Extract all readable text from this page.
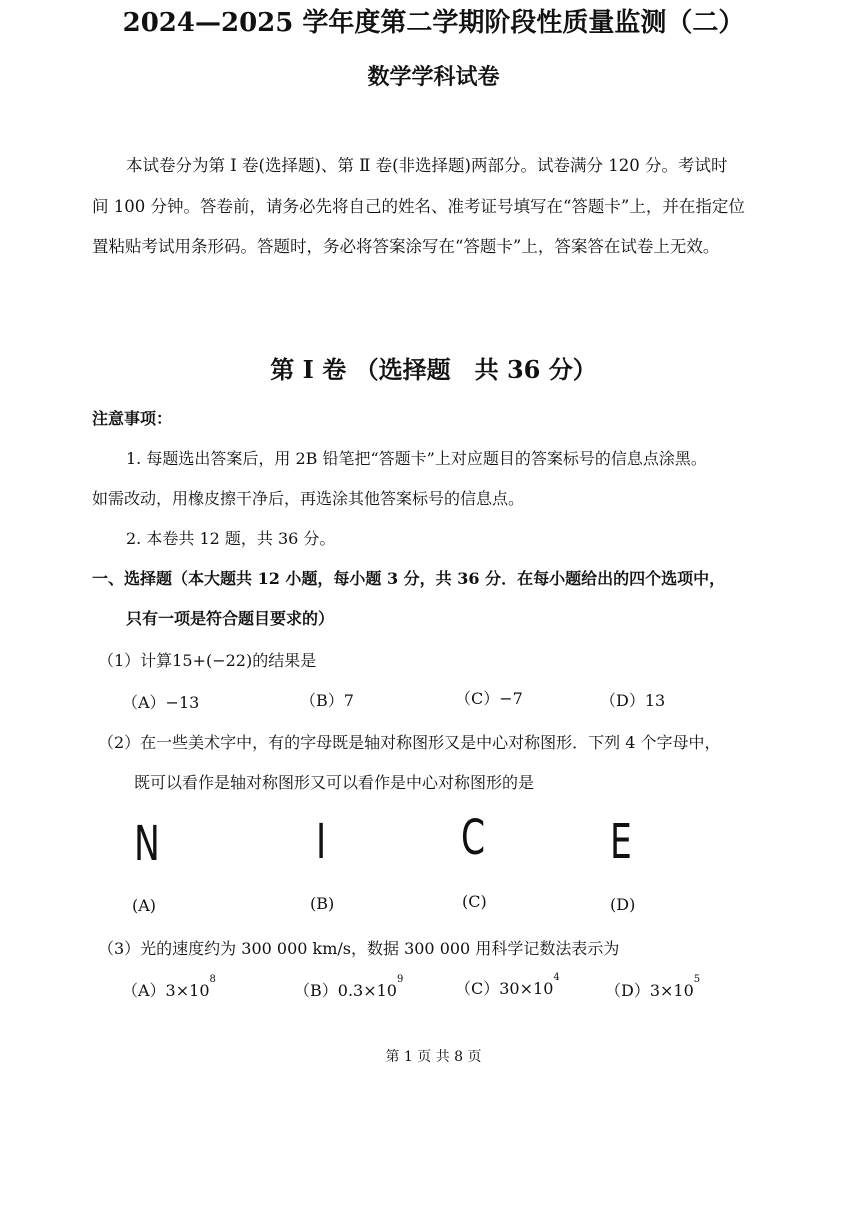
2024—2025 学年度第二学期阶段性质量监测（二）
数学学科试卷
本试卷分为第 Ⅰ 卷(选择题)、第 Ⅱ 卷(非选择题)两部分。试卷满分 120 分。考试时
间 100 分钟。答卷前，请务必先将自己的姓名、准考证号填写在“答题卡”上，并在指定位
置粘贴考试用条形码。答题时，务必将答案涂写在“答题卡”上，答案答在试卷上无效。
第 Ⅰ 卷 （选择题　共 36 分）
注意事项：
1. 每题选出答案后，用 2B 铅笔把“答题卡”上对应题目的答案标号的信息点涂黑。
如需改动，用橡皮擦干净后，再选涂其他答案标号的信息点。
2. 本卷共 12 题，共 36 分。
一、选择题（本大题共 12 小题，每小题 3 分，共 36 分．在每小题给出的四个选项中，
只有一项是符合题目要求的）
（1）计算15+(−22)的结果是
（A）−13	（B）7	（C）−7	（D）13
（2）在一些美术字中，有的字母既是轴对称图形又是中心对称图形．下列 4 个字母中，
既可以看作是轴对称图形又可以看作是中心对称图形的是
N	I	C	E
(A)	(B)	(C)	(D)
（3）光的速度约为 300 000 km/s，数据 300 000 用科学记数法表示为
$(A)3\times 10^8$
$(B)0.3\times 10^9$	$(C)30\times 10^4$
$(D)3\times 10^5$
第 1 页 共 8 页
